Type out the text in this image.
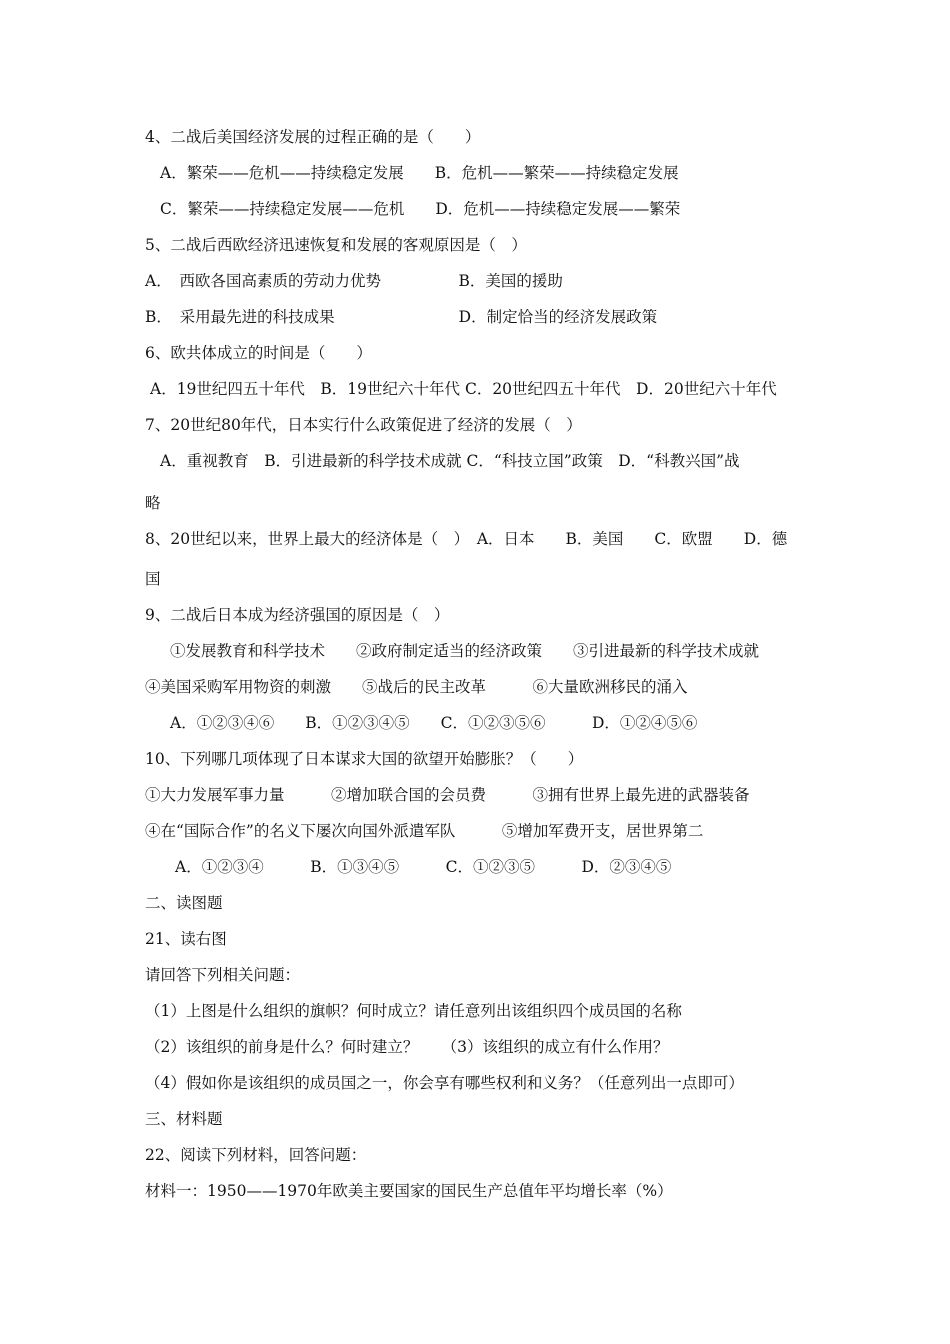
4、二战后美国经济发展的过程正确的是（　　）
A．繁荣——危机——持续稳定发展　　B．危机——繁荣——持续稳定发展
C．繁荣——持续稳定发展——危机　　D．危机——持续稳定发展——繁荣
5、二战后西欧经济迅速恢复和发展的客观原因是（　）
A．　西欧各国高素质的劳动力优势　　　　　B．美国的援助
B．　采用最先进的科技成果　　　　　　　　D．制定恰当的经济发展政策
6、欧共体成立的时间是（　　）
A．19世纪四五十年代　B．19世纪六十年代 C．20世纪四五十年代　D．20世纪六十年代
7、20世纪80年代，日本实行什么政策促进了经济的发展（　）
A．重视教育　B．引进最新的科学技术成就 C．“科技立国”政策　D．“科教兴国”战
略
8、20世纪以来，世界上最大的经济体是（　）　A．日本　　B．美国　　C．欧盟　　D．德
国
9、二战后日本成为经济强国的原因是（　）
①发展教育和科学技术　　②政府制定适当的经济政策　　③引进最新的科学技术成就
④美国采购军用物资的刺激　　⑤战后的民主改革　　　⑥大量欧洲移民的涌入
A．①②③④⑥　　B．①②③④⑤　　C．①②③⑤⑥　　　D．①②④⑤⑥
10、下列哪几项体现了日本谋求大国的欲望开始膨胀？（　　）
①大力发展军事力量　　　②增加联合国的会员费　　　③拥有世界上最先进的武器装备
④在“国际合作”的名义下屡次向国外派遣军队　　　⑤增加军费开支，居世界第二
A．①②③④　　　B．①③④⑤　　　C．①②③⑤　　　D．②③④⑤
二、读图题
21、读右图
请回答下列相关问题：
（1）上图是什么组织的旗帜？何时成立？请任意列出该组织四个成员国的名称
（2）该组织的前身是什么？何时建立？　　（3）该组织的成立有什么作用？
（4）假如你是该组织的成员国之一，你会享有哪些权利和义务？（任意列出一点即可）
三、材料题
22、阅读下列材料，回答问题：
材料一：1950——1970年欧美主要国家的国民生产总值年平均增长率（%）
